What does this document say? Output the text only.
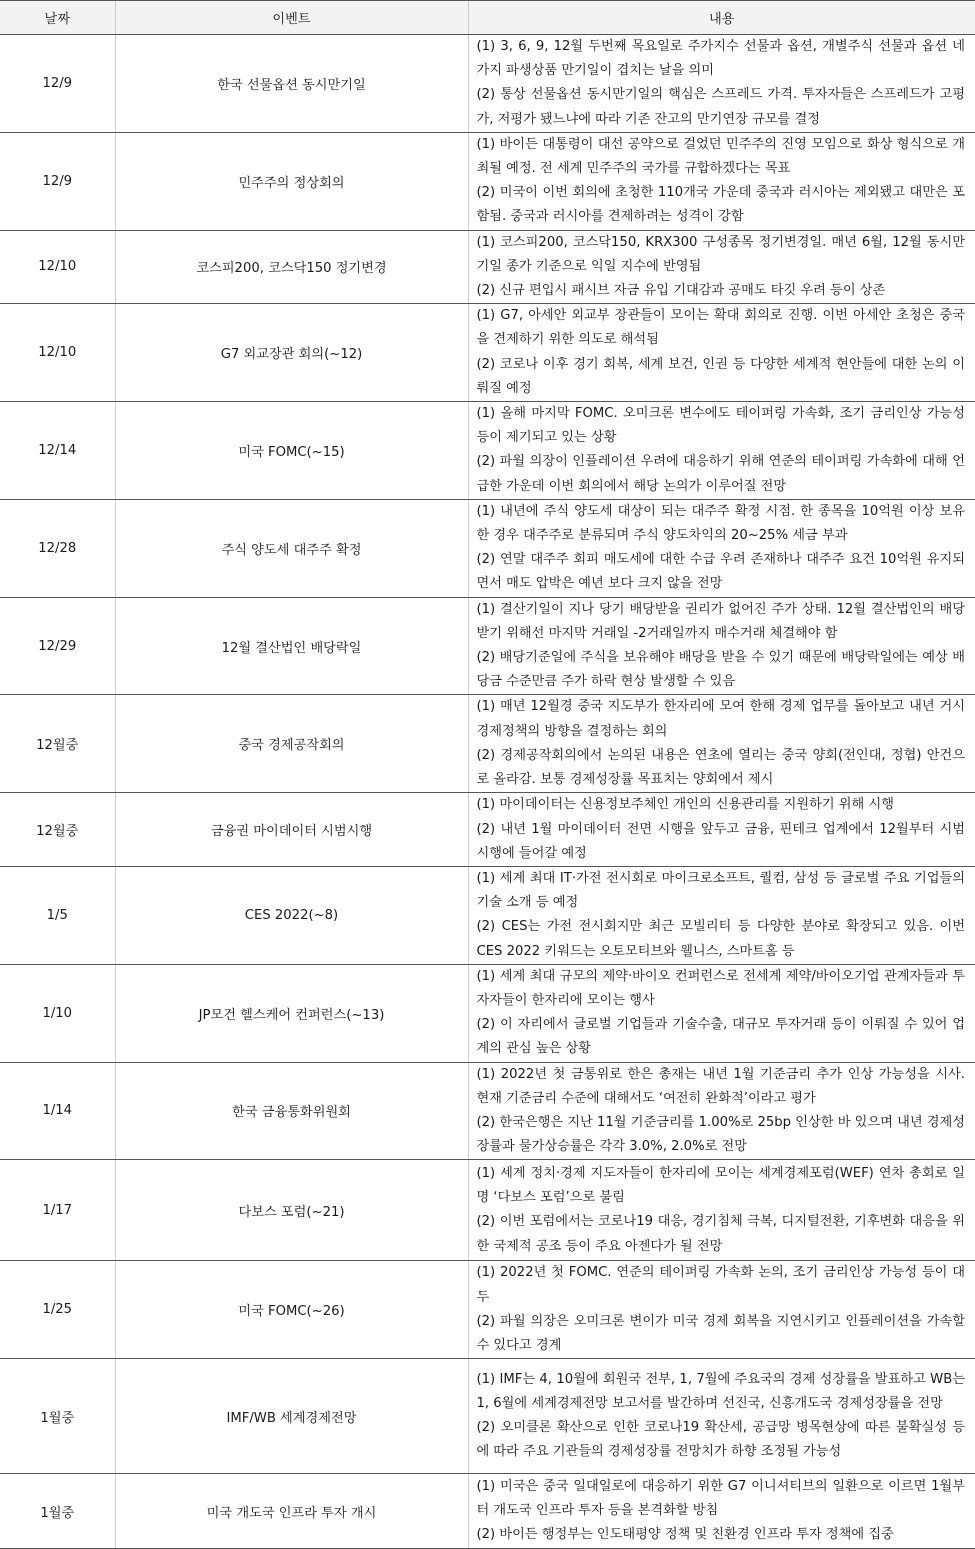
날짜	이벤트	내용
12/9	한국 선물옵션 동시만기일	(1) 3, 6, 9, 12월 두번째 목요일로 주가지수 선물과 옵션, 개별주식 선물과 옵션 네가지 파생상품 만기일이 겹치는 날을 의미
(2) 통상 선물옵션 동시만기일의 핵심은 스프레드 가격. 투자자들은 스프레드가 고평가, 저평가 됐느냐에 따라 기존 잔고의 만기연장 규모를 결정

12/9	민주주의 정상회의	(1) 바이든 대통령이 대선 공약으로 걸었던 민주주의 진영 모임으로 화상 형식으로 개최될 예정. 전 세계 민주주의 국가를 규합하겠다는 목표
(2) 미국이 이번 회의에 초청한 110개국 가운데 중국과 러시아는 제외됐고 대만은 포함됨. 중국과 러시아를 견제하려는 성격이 강함

12/10	코스피200, 코스닥150 정기변경	(1) 코스피200, 코스닥150, KRX300 구성종목 정기변경일. 매년 6월, 12월 동시만기일 종가 기준으로 익일 지수에 반영됨
(2) 신규 편입시 패시브 자금 유입 기대감과 공매도 타깃 우려 등이 상존

12/10	G7 외교장관 회의(~12)	(1) G7, 아세안 외교부 장관들이 모이는 확대 회의로 진행. 이번 아세안 초청은 중국을 견제하기 위한 의도로 해석됨
(2) 코로나 이후 경기 회복, 세계 보건, 인권 등 다양한 세계적 현안들에 대한 논의 이뤄질 예정

12/14	미국 FOMC(~15)	(1) 올해 마지막 FOMC. 오미크론 변수에도 테이퍼링 가속화, 조기 금리인상 가능성 등이 제기되고 있는 상황
(2) 파월 의장이 인플레이션 우려에 대응하기 위해 연준의 테이퍼링 가속화에 대해 언급한 가운데 이번 회의에서 해당 논의가 이루어질 전망

12/28	주식 양도세 대주주 확정	(1) 내년에 주식 양도세 대상이 되는 대주주 확정 시점. 한 종목을 10억원 이상 보유한 경우 대주주로 분류되며 주식 양도차익의 20~25% 세금 부과
(2) 연말 대주주 회피 매도세에 대한 수급 우려 존재하나 대주주 요건 10억원 유지되면서 매도 압박은 예년 보다 크지 않을 전망

12/29	12월 결산법인 배당락일	(1) 결산기일이 지나 당기 배당받을 권리가 없어진 주가 상태. 12월 결산법인의 배당 받기 위해선 마지막 거래일 -2거래일까지 매수거래 체결해야 함
(2) 배당기준일에 주식을 보유해야 배당을 받을 수 있기 때문에 배당락일에는 예상 배당금 수준만큼 주가 하락 현상 발생할 수 있음

12월중	중국 경제공작회의	(1) 매년 12월경 중국 지도부가 한자리에 모여 한해 경제 업무를 돌아보고 내년 거시경제정책의 방향을 결정하는 회의
(2) 경제공작회의에서 논의된 내용은 연초에 열리는 중국 양회(전인대, 정협) 안건으로 올라감. 보통 경제성장률 목표치는 양회에서 제시

12월중	금융권 마이데이터 시범시행	(1) 마이데이터는 신용정보주체인 개인의 신용관리를 지원하기 위해 시행
(2) 내년 1월 마이데이터 전면 시행을 앞두고 금융, 핀테크 업계에서 12월부터 시범시행에 들어갈 예정

1/5	CES 2022(~8)	(1) 세계 최대 IT·가전 전시회로 마이크로소프트, 퀄컴, 삼성 등 글로벌 주요 기업들의 기술 소개 등 예정
(2) CES는 가전 전시회지만 최근 모빌리티 등 다양한 분야로 확장되고 있음. 이번 CES 2022 키워드는 오토모티브와 웰니스, 스마트홈 등

1/10	JP모건 헬스케어 컨퍼런스(~13)	(1) 세계 최대 규모의 제약·바이오 컨퍼런스로 전세계 제약/바이오기업 관계자들과 투자자들이 한자리에 모이는 행사
(2) 이 자리에서 글로벌 기업들과 기술수출, 대규모 투자거래 등이 이뤄질 수 있어 업계의 관심 높은 상황

1/14	한국 금융통화위원회	(1) 2022년 첫 금통위로 한은 총재는 내년 1월 기준금리 추가 인상 가능성을 시사. 현재 기준금리 수준에 대해서도 ‘여전히 완화적’이라고 평가
(2) 한국은행은 지난 11월 기준금리를 1.00%로 25bp 인상한 바 있으며 내년 경제성장률과 물가상승률은 각각 3.0%, 2.0%로 전망

1/17	다보스 포럼(~21)	(1) 세계 정치·경제 지도자들이 한자리에 모이는 세계경제포럼(WEF) 연차 총회로 일명 ‘다보스 포럼’으로 불림
(2) 이번 포럼에서는 코로나19 대응, 경기침체 극복, 디지털전환, 기후변화 대응을 위한 국제적 공조 등이 주요 아젠다가 될 전망

1/25	미국 FOMC(~26)	(1) 2022년 첫 FOMC. 연준의 테이퍼링 가속화 논의, 조기 금리인상 가능성 등이 대두
(2) 파월 의장은 오미크론 변이가 미국 경제 회복을 지연시키고 인플레이션을 가속할 수 있다고 경계

1월중	IMF/WB 세계경제전망	(1) IMF는 4, 10월에 회원국 전부, 1, 7월에 주요국의 경제 성장률을 발표하고 WB는 1, 6월에 세계경제전망 보고서를 발간하며 선진국, 신흥개도국 경제성장률을 전망
(2) 오미클론 확산으로 인한 코로나19 확산세, 공급망 병목현상에 따른 불확실성 등에 따라 주요 기관들의 경제성장률 전망치가 하향 조정될 가능성

1월중	미국 개도국 인프라 투자 개시	(1) 미국은 중국 일대일로에 대응하기 위한 G7 이니셔티브의 일환으로 이르면 1월부터 개도국 인프라 투자 등을 본격화할 방침
(2) 바이든 행정부는 인도태평양 정책 및 친환경 인프라 투자 정책에 집중
